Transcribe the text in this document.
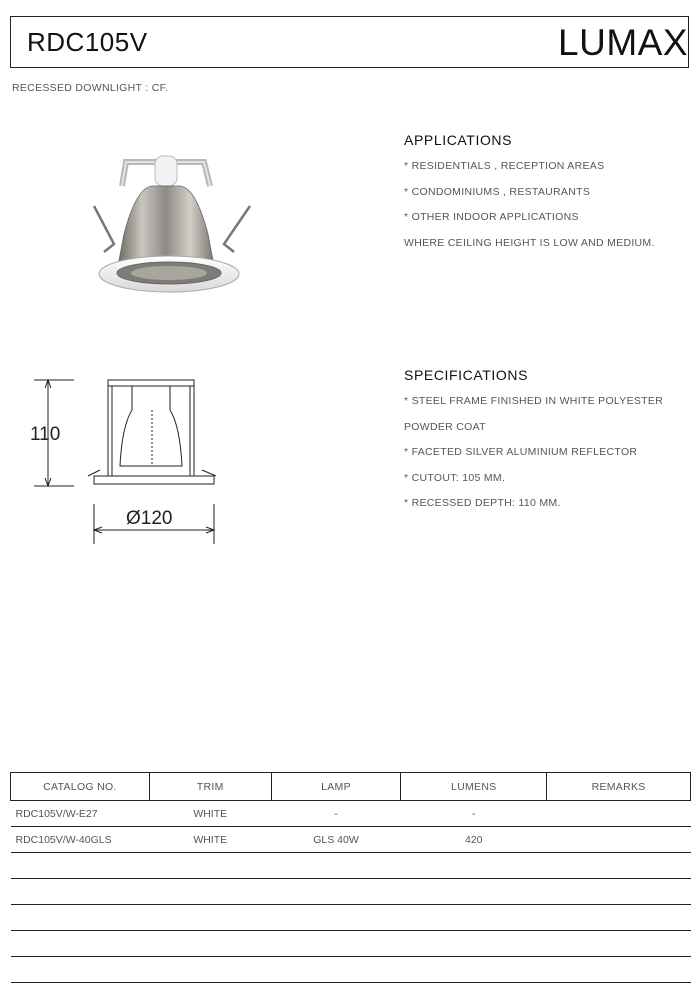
RDC105V	LUMAX
RECESSED DOWNLIGHT : CF.
110
Ø120
APPLICATIONS
* RESIDENTIALS , RECEPTION AREAS
* CONDOMINIUMS , RESTAURANTS
* OTHER INDOOR APPLICATIONS
WHERE CEILING HEIGHT IS LOW AND MEDIUM.
SPECIFICATIONS
* STEEL FRAME FINISHED IN WHITE POLYESTER
POWDER COAT
* FACETED SILVER ALUMINIUM REFLECTOR
* CUTOUT: 105 MM.
* RECESSED DEPTH: 110 MM.
CATALOG NO.	TRIM	LAMP	LUMENS	REMARKS
RDC105V/W-E27	WHITE	-	-	
RDC105V/W-40GLS	WHITE	GLS 40W	420	
